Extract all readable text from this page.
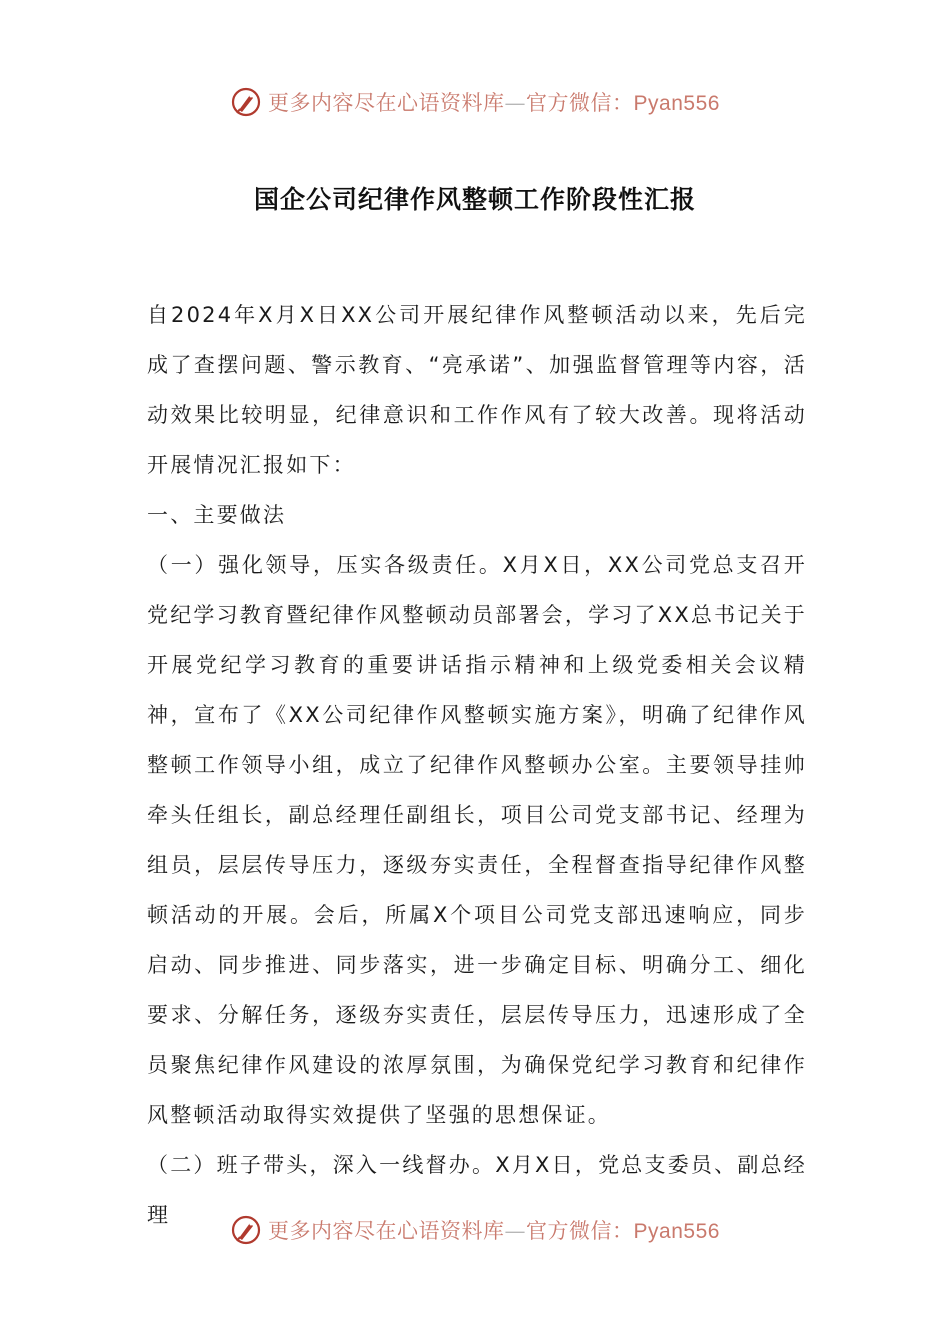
更多内容尽在心语资料库—官方微信：Pyan556
国企公司纪律作风整顿工作阶段性汇报

自2024年X月X日XX公司开展纪律作风整顿活动以来，先后完成了查摆问题、警示教育、“亮承诺”、加强监督管理等内容，活动效果比较明显，纪律意识和工作作风有了较大改善。现将活动开展情况汇报如下：

一、主要做法

（一）强化领导，压实各级责任。X月X日，XX公司党总支召开党纪学习教育暨纪律作风整顿动员部署会，学习了XX总书记关于开展党纪学习教育的重要讲话指示精神和上级党委相关会议精神，宣布了《XX公司纪律作风整顿实施方案》，明确了纪律作风整顿工作领导小组，成立了纪律作风整顿办公室。主要领导挂帅牵头任组长，副总经理任副组长，项目公司党支部书记、经理为组员，层层传导压力，逐级夯实责任，全程督查指导纪律作风整顿活动的开展。会后，所属X个项目公司党支部迅速响应，同步启动、同步推进、同步落实，进一步确定目标、明确分工、细化要求、分解任务，逐级夯实责任，层层传导压力，迅速形成了全员聚焦纪律作风建设的浓厚氛围，为确保党纪学习教育和纪律作风整顿活动取得实效提供了坚强的思想保证。

（二）班子带头，深入一线督办。X月X日，党总支委员、副总经理

更多内容尽在心语资料库—官方微信：Pyan556
